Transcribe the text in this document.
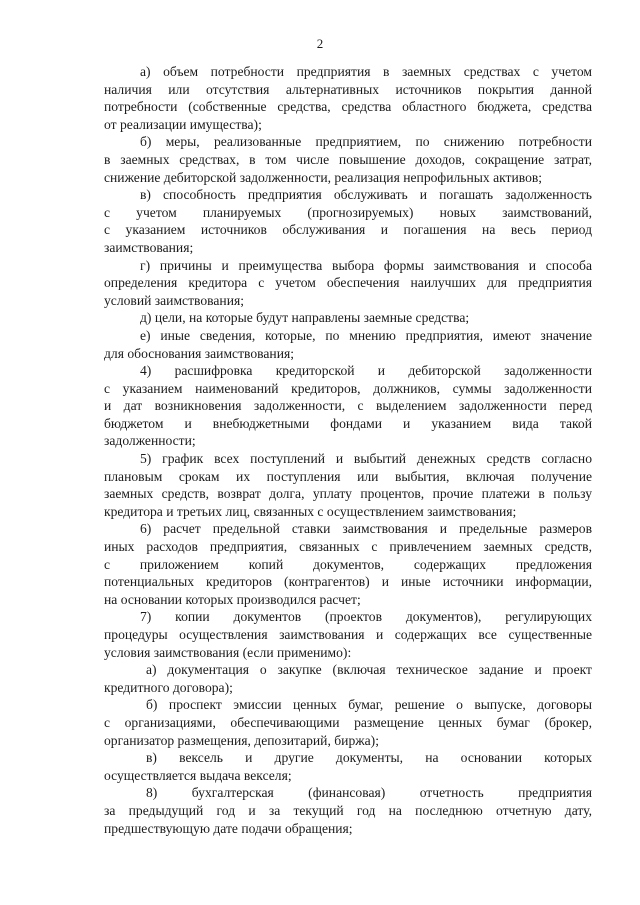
2
а) объем потребности предприятия в заемных средствах с учетом
наличия или отсутствия альтернативных источников покрытия данной
потребности (собственные средства, средства областного бюджета, средства
от реализации имущества);
б) меры, реализованные предприятием, по снижению потребности
в заемных средствах, в том числе повышение доходов, сокращение затрат,
снижение дебиторской задолженности, реализация непрофильных активов;
в) способность предприятия обслуживать и погашать задолженность
с учетом планируемых (прогнозируемых) новых заимствований,
с указанием источников обслуживания и погашения на весь период
заимствования;
г) причины и преимущества выбора формы заимствования и способа
определения кредитора с учетом обеспечения наилучших для предприятия
условий заимствования;
д) цели, на которые будут направлены заемные средства;
е) иные сведения, которые, по мнению предприятия, имеют значение
для обоснования заимствования;
4) расшифровка кредиторской и дебиторской задолженности
с указанием наименований кредиторов, должников, суммы задолженности
и дат возникновения задолженности, с выделением задолженности перед
бюджетом и внебюджетными фондами и указанием вида такой
задолженности;
5) график всех поступлений и выбытий денежных средств согласно
плановым срокам их поступления или выбытия, включая получение
заемных средств, возврат долга, уплату процентов, прочие платежи в пользу
кредитора и третьих лиц, связанных с осуществлением заимствования;
6) расчет предельной ставки заимствования и предельные размеров
иных расходов предприятия, связанных с привлечением заемных средств,
с приложением копий документов, содержащих предложения
потенциальных кредиторов (контрагентов) и иные источники информации,
на основании которых производился расчет;
7) копии документов (проектов документов), регулирующих
процедуры осуществления заимствования и содержащих все существенные
условия заимствования (если применимо):
а) документация о закупке (включая техническое задание и проект
кредитного договора);
б) проспект эмиссии ценных бумаг, решение о выпуске, договоры
с организациями, обеспечивающими размещение ценных бумаг (брокер,
организатор размещения, депозитарий, биржа);
в) вексель и другие документы, на основании которых
осуществляется выдача векселя;
8) бухгалтерская (финансовая) отчетность предприятия
за предыдущий год и за текущий год на последнюю отчетную дату,
предшествующую дате подачи обращения;
